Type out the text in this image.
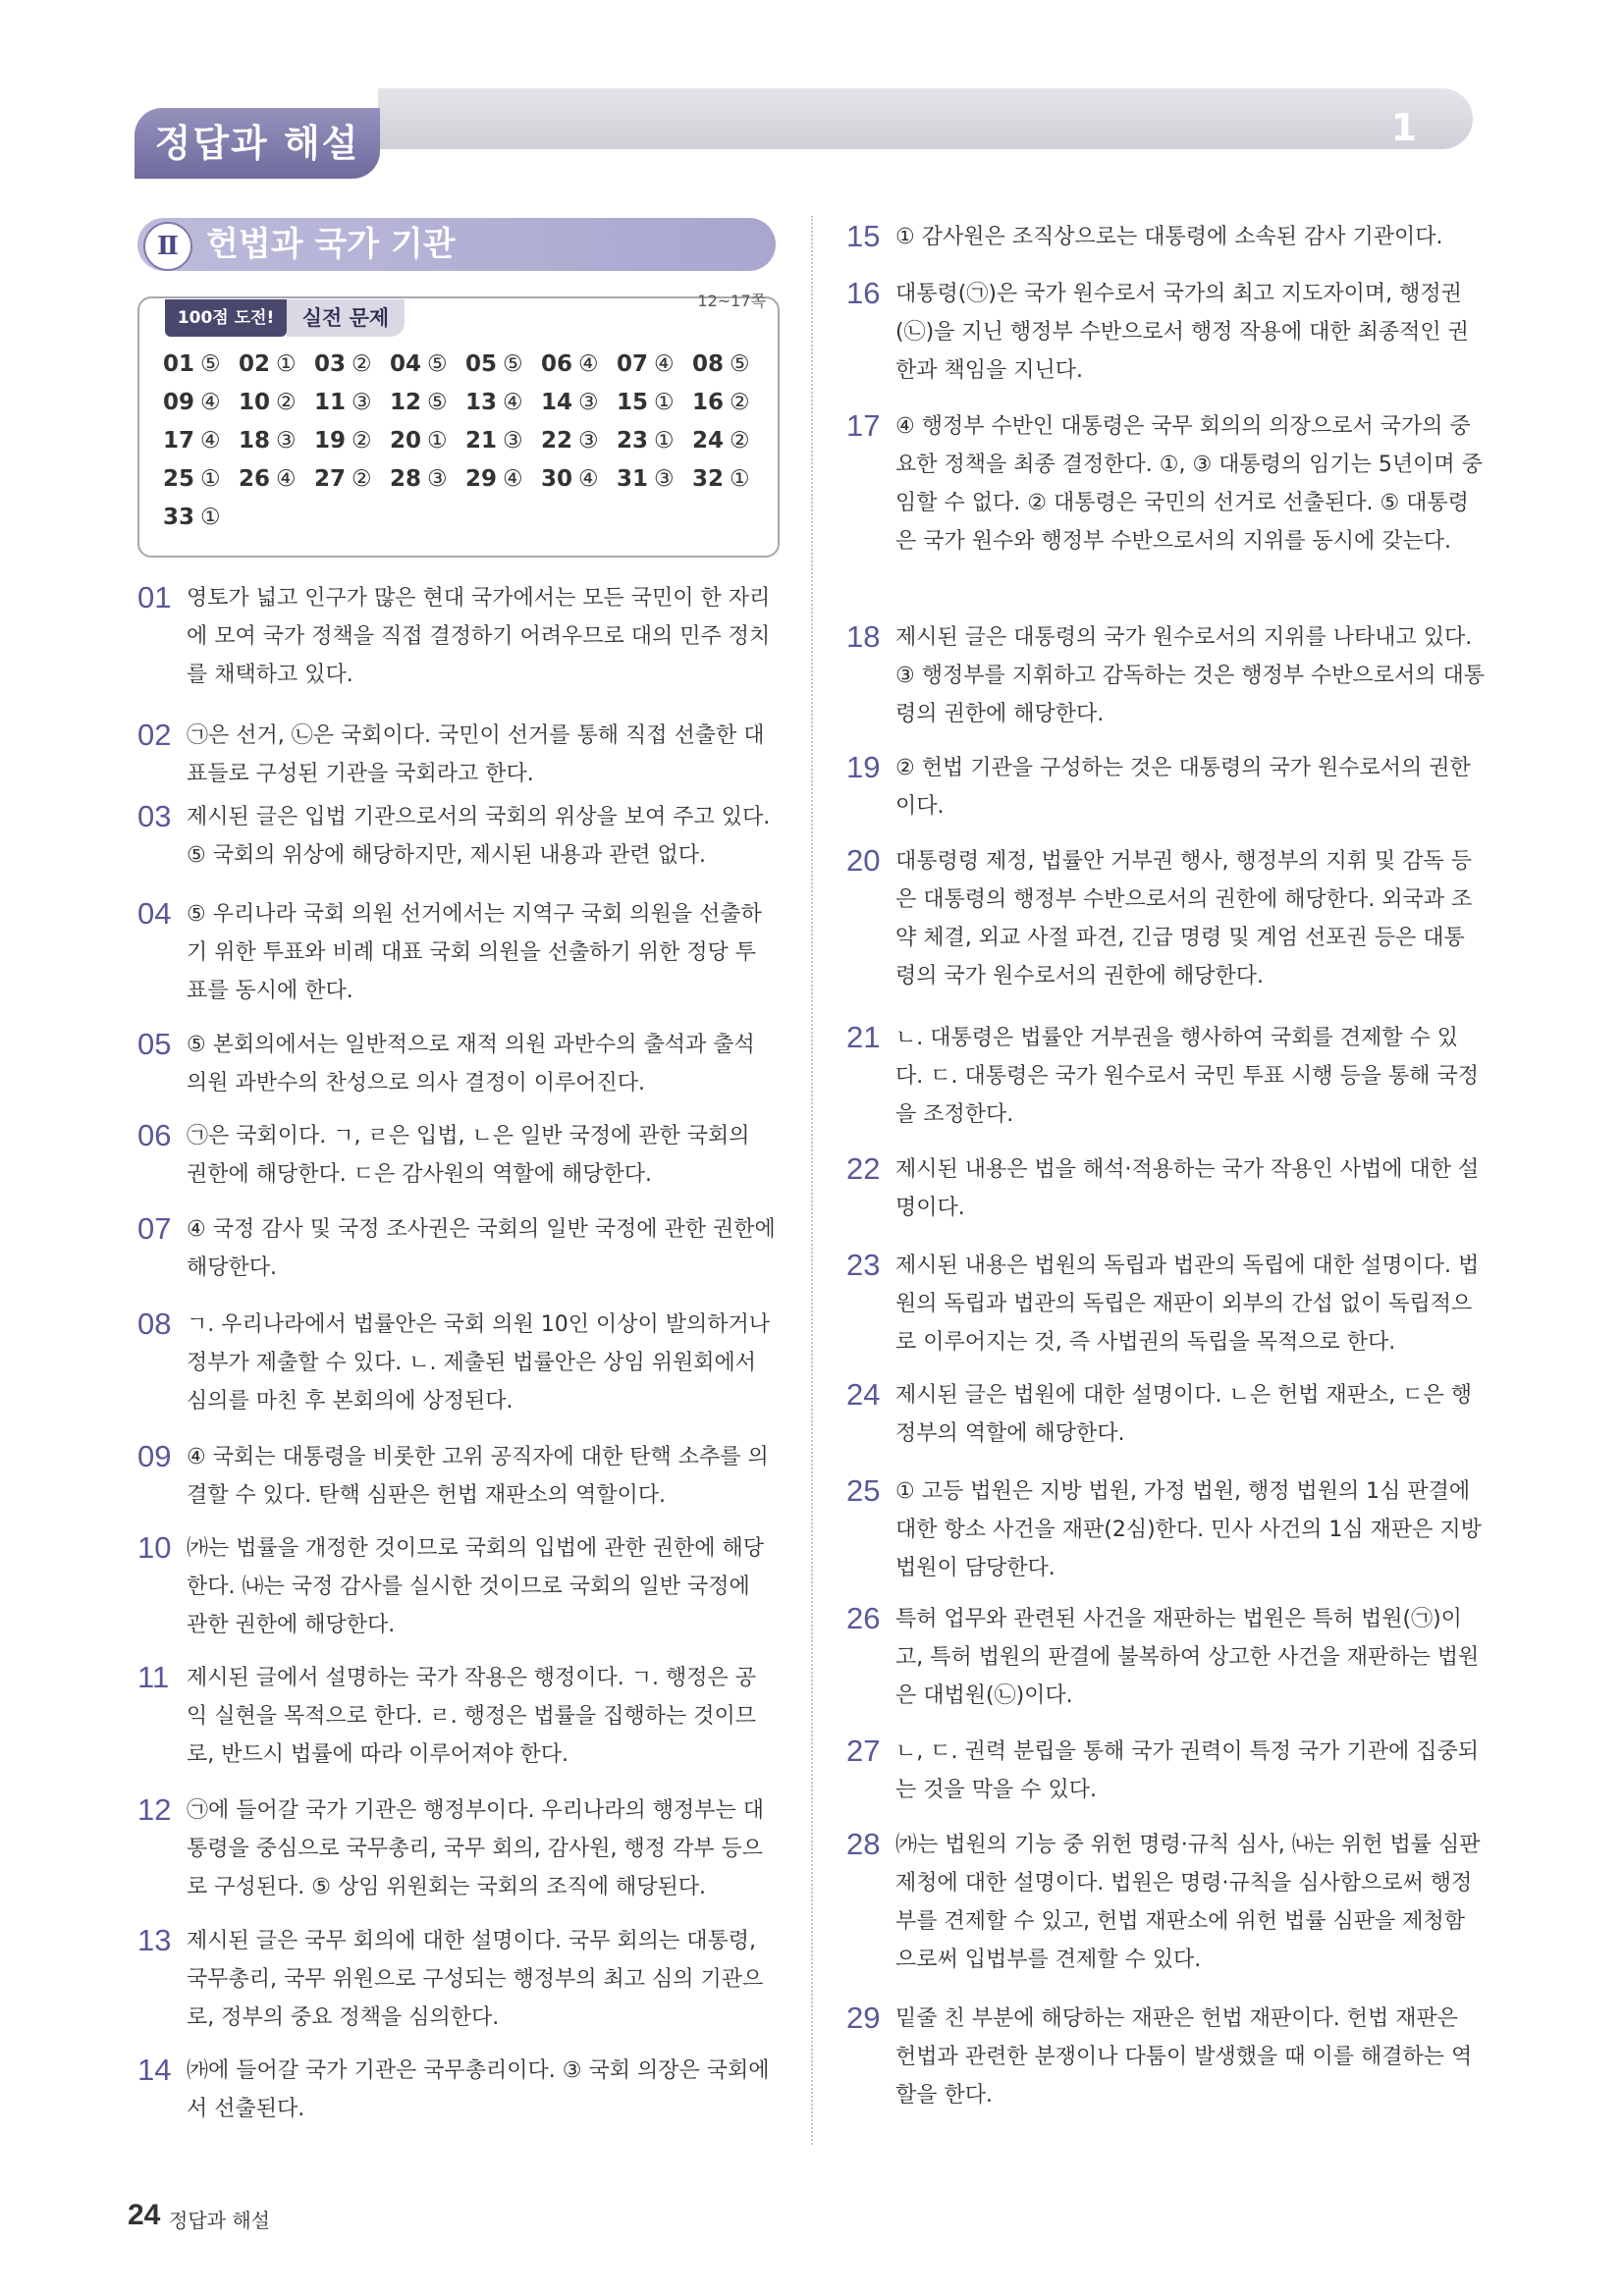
정답과 해설	1
Ⅱ 헌법과 국가 기관
100점 도전!	실전 문제
12~17쪽
01 ⑤ 02 ① 03 ② 04 ⑤ 05 ⑤ 06 ④ 07 ④ 08 ⑤
09 ④ 10 ② 11 ③ 12 ⑤ 13 ④ 14 ③ 15 ① 16 ②
17 ④ 18 ③ 19 ② 20 ① 21 ③ 22 ③ 23 ① 24 ②
25 ① 26 ④ 27 ② 28 ③ 29 ④ 30 ④ 31 ③ 32 ①
33 ①
01 영토가 넓고 인구가 많은 현대 국가에서는 모든 국민이 한 자리에 모여 국가 정책을 직접 결정하기 어려우므로 대의 민주 정치를 채택하고 있다.
02 ㉠은 선거, ㉡은 국회이다. 국민이 선거를 통해 직접 선출한 대표들로 구성된 기관을 국회라고 한다.
03 제시된 글은 입법 기관으로서의 국회의 위상을 보여 주고 있다. ⑤ 국회의 위상에 해당하지만, 제시된 내용과 관련 없다.
04 ⑤ 우리나라 국회 의원 선거에서는 지역구 국회 의원을 선출하기 위한 투표와 비례 대표 국회 의원을 선출하기 위한 정당 투표를 동시에 한다.
05 ⑤ 본회의에서는 일반적으로 재적 의원 과반수의 출석과 출석 의원 과반수의 찬성으로 의사 결정이 이루어진다.
06 ㉠은 국회이다. ㄱ, ㄹ은 입법, ㄴ은 일반 국정에 관한 국회의 권한에 해당한다. ㄷ은 감사원의 역할에 해당한다.
07 ④ 국정 감사 및 국정 조사권은 국회의 일반 국정에 관한 권한에 해당한다.
08 ㄱ. 우리나라에서 법률안은 국회 의원 10인 이상이 발의하거나 정부가 제출할 수 있다. ㄴ. 제출된 법률안은 상임 위원회에서 심의를 마친 후 본회의에 상정된다.
09 ④ 국회는 대통령을 비롯한 고위 공직자에 대한 탄핵 소추를 의결할 수 있다. 탄핵 심판은 헌법 재판소의 역할이다.
10 ㈎는 법률을 개정한 것이므로 국회의 입법에 관한 권한에 해당한다. ㈏는 국정 감사를 실시한 것이므로 국회의 일반 국정에 관한 권한에 해당한다.
11 제시된 글에서 설명하는 국가 작용은 행정이다. ㄱ. 행정은 공익 실현을 목적으로 한다. ㄹ. 행정은 법률을 집행하는 것이므로, 반드시 법률에 따라 이루어져야 한다.
12 ㉠에 들어갈 국가 기관은 행정부이다. 우리나라의 행정부는 대통령을 중심으로 국무총리, 국무 회의, 감사원, 행정 각부 등으로 구성된다. ⑤ 상임 위원회는 국회의 조직에 해당된다.
13 제시된 글은 국무 회의에 대한 설명이다. 국무 회의는 대통령, 국무총리, 국무 위원으로 구성되는 행정부의 최고 심의 기관으로, 정부의 중요 정책을 심의한다.
14 ㈎에 들어갈 국가 기관은 국무총리이다. ③ 국회 의장은 국회에서 선출된다.
15 ① 감사원은 조직상으로는 대통령에 소속된 감사 기관이다.
16 대통령(㉠)은 국가 원수로서 국가의 최고 지도자이며, 행정권(㉡)을 지닌 행정부 수반으로서 행정 작용에 대한 최종적인 권한과 책임을 지닌다.
17 ④ 행정부 수반인 대통령은 국무 회의의 의장으로서 국가의 중요한 정책을 최종 결정한다. ①, ③ 대통령의 임기는 5년이며 중임할 수 없다. ② 대통령은 국민의 선거로 선출된다. ⑤ 대통령은 국가 원수와 행정부 수반으로서의 지위를 동시에 갖는다.
18 제시된 글은 대통령의 국가 원수로서의 지위를 나타내고 있다. ③ 행정부를 지휘하고 감독하는 것은 행정부 수반으로서의 대통령의 권한에 해당한다.
19 ② 헌법 기관을 구성하는 것은 대통령의 국가 원수로서의 권한이다.
20 대통령령 제정, 법률안 거부권 행사, 행정부의 지휘 및 감독 등은 대통령의 행정부 수반으로서의 권한에 해당한다. 외국과 조약 체결, 외교 사절 파견, 긴급 명령 및 계엄 선포권 등은 대통령의 국가 원수로서의 권한에 해당한다.
21 ㄴ. 대통령은 법률안 거부권을 행사하여 국회를 견제할 수 있다. ㄷ. 대통령은 국가 원수로서 국민 투표 시행 등을 통해 국정을 조정한다.
22 제시된 내용은 법을 해석·적용하는 국가 작용인 사법에 대한 설명이다.
23 제시된 내용은 법원의 독립과 법관의 독립에 대한 설명이다. 법원의 독립과 법관의 독립은 재판이 외부의 간섭 없이 독립적으로 이루어지는 것, 즉 사법권의 독립을 목적으로 한다.
24 제시된 글은 법원에 대한 설명이다. ㄴ은 헌법 재판소, ㄷ은 행정부의 역할에 해당한다.
25 ① 고등 법원은 지방 법원, 가정 법원, 행정 법원의 1심 판결에 대한 항소 사건을 재판(2심)한다. 민사 사건의 1심 재판은 지방 법원이 담당한다.
26 특허 업무와 관련된 사건을 재판하는 법원은 특허 법원(㉠)이고, 특허 법원의 판결에 불복하여 상고한 사건을 재판하는 법원은 대법원(㉡)이다.
27 ㄴ, ㄷ. 권력 분립을 통해 국가 권력이 특정 국가 기관에 집중되는 것을 막을 수 있다.
28 ㈎는 법원의 기능 중 위헌 명령·규칙 심사, ㈏는 위헌 법률 심판 제청에 대한 설명이다. 법원은 명령·규칙을 심사함으로써 행정부를 견제할 수 있고, 헌법 재판소에 위헌 법률 심판을 제청함으로써 입법부를 견제할 수 있다.
29 밑줄 친 부분에 해당하는 재판은 헌법 재판이다. 헌법 재판은 헌법과 관련한 분쟁이나 다툼이 발생했을 때 이를 해결하는 역할을 한다.
24 정답과 해설
